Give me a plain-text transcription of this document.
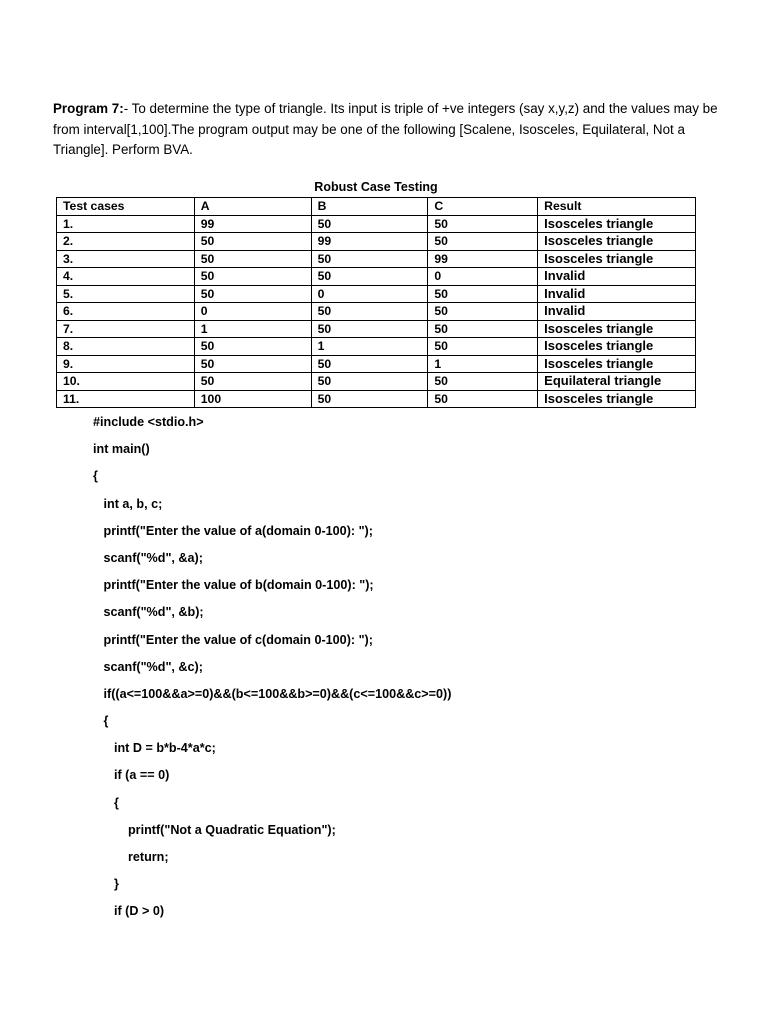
Program 7:- To determine the type of triangle. Its input is triple of +ve integers (say x,y,z) and the values may be from interval[1,100].The program output may be one of the following [Scalene, Isosceles, Equilateral, Not a Triangle]. Perform BVA.

Robust Case Testing
Test cases	A	B	C	Result
1.	99	50	50	Isosceles triangle
2.	50	99	50	Isosceles triangle
3.	50	50	99	Isosceles triangle
4.	50	50	0	Invalid
5.	50	0	50	Invalid
6.	0	50	50	Invalid
7.	1	50	50	Isosceles triangle
8.	50	1	50	Isosceles triangle
9.	50	50	1	Isosceles triangle
10.	50	50	50	Equilateral triangle
11.	100	50	50	Isosceles triangle
#include <stdio.h>
int main()
{
int a, b, c;
printf("Enter the value of a(domain 0-100): ");
scanf("%d", &a);
printf("Enter the value of b(domain 0-100): ");
scanf("%d", &b);
printf("Enter the value of c(domain 0-100): ");
scanf("%d", &c);
if((a<=100&&a>=0)&&(b<=100&&b>=0)&&(c<=100&&c>=0))
{
int D = b*b-4*a*c;
if (a == 0)
{
printf("Not a Quadratic Equation");
return;
}
if (D > 0)
